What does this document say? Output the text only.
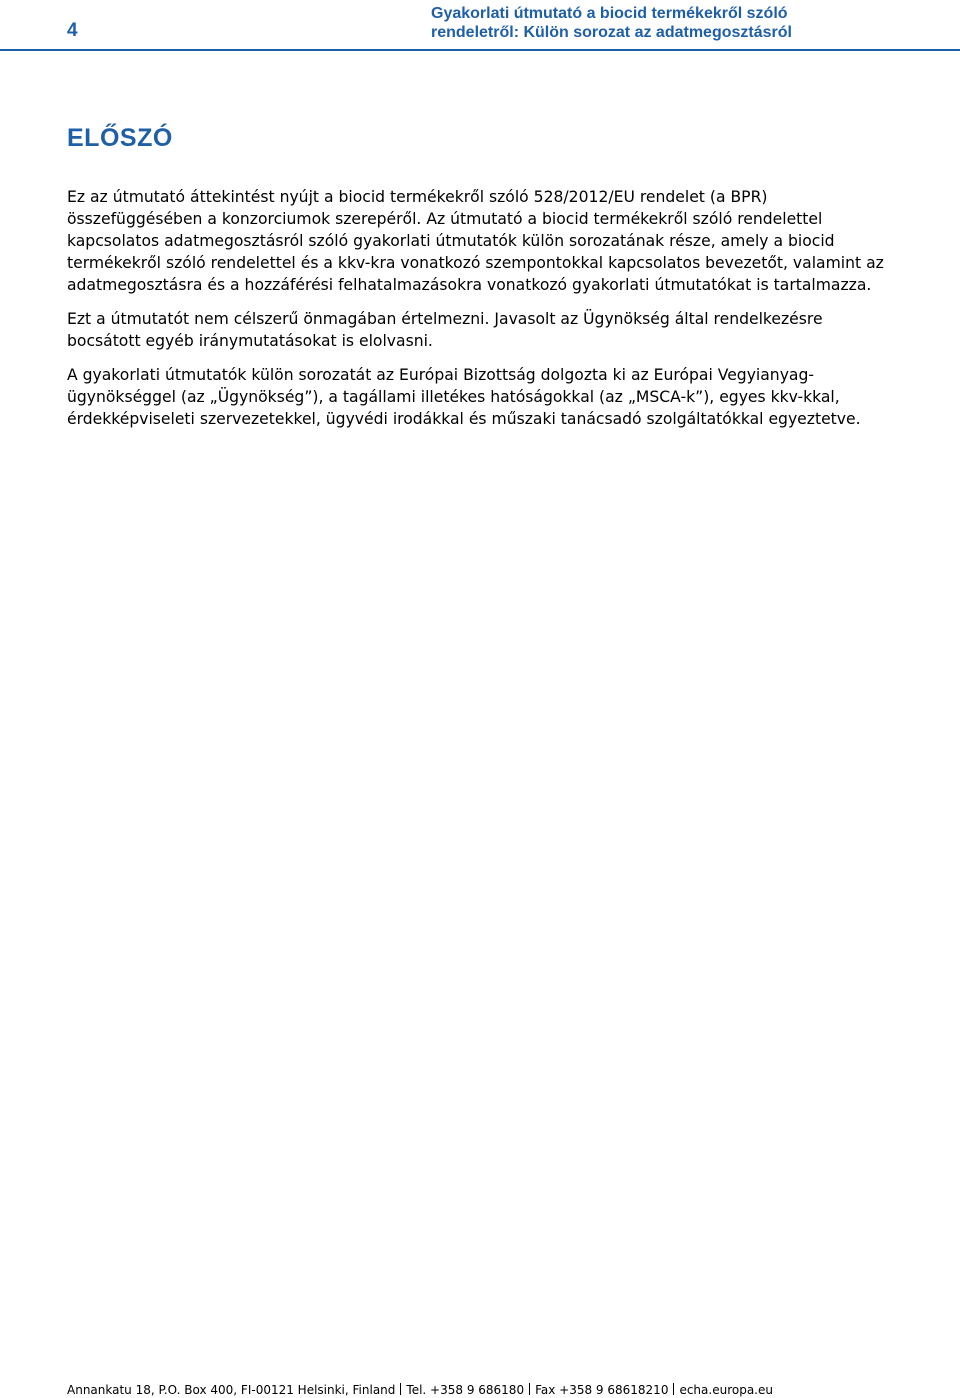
4
Gyakorlati útmutató a biocid termékekről szóló
rendeletről: Külön sorozat az adatmegosztásról
ELŐSZÓ

Ez az útmutató áttekintést nyújt a biocid termékekről szóló 528/2012/EU rendelet (a BPR) összefüggésében a konzorciumok szerepéről. Az útmutató a biocid termékekről szóló rendelettel kapcsolatos adatmegosztásról szóló gyakorlati útmutatók külön sorozatának része, amely a biocid termékekről szóló rendelettel és a kkv-kra vonatkozó szempontokkal kapcsolatos bevezetőt, valamint az adatmegosztásra és a hozzáférési felhatalmazásokra vonatkozó gyakorlati útmutatókat is tartalmazza.

Ezt a útmutatót nem célszerű önmagában értelmezni. Javasolt az Ügynökség által rendelkezésre bocsátott egyéb iránymutatásokat is elolvasni.

A gyakorlati útmutatók külön sorozatát az Európai Bizottság dolgozta ki az Európai Vegyianyag-ügynökséggel (az „Ügynökség”), a tagállami illetékes hatóságokkal (az „MSCA-k”), egyes kkv-kkal, érdekképviseleti szervezetekkel, ügyvédi irodákkal és műszaki tanácsadó szolgáltatókkal egyeztetve.

Annankatu 18, P.O. Box 400, FI-00121 Helsinki, Finland Tel. +358 9 686180 Fax +358 9 68618210 echa.europa.eu
